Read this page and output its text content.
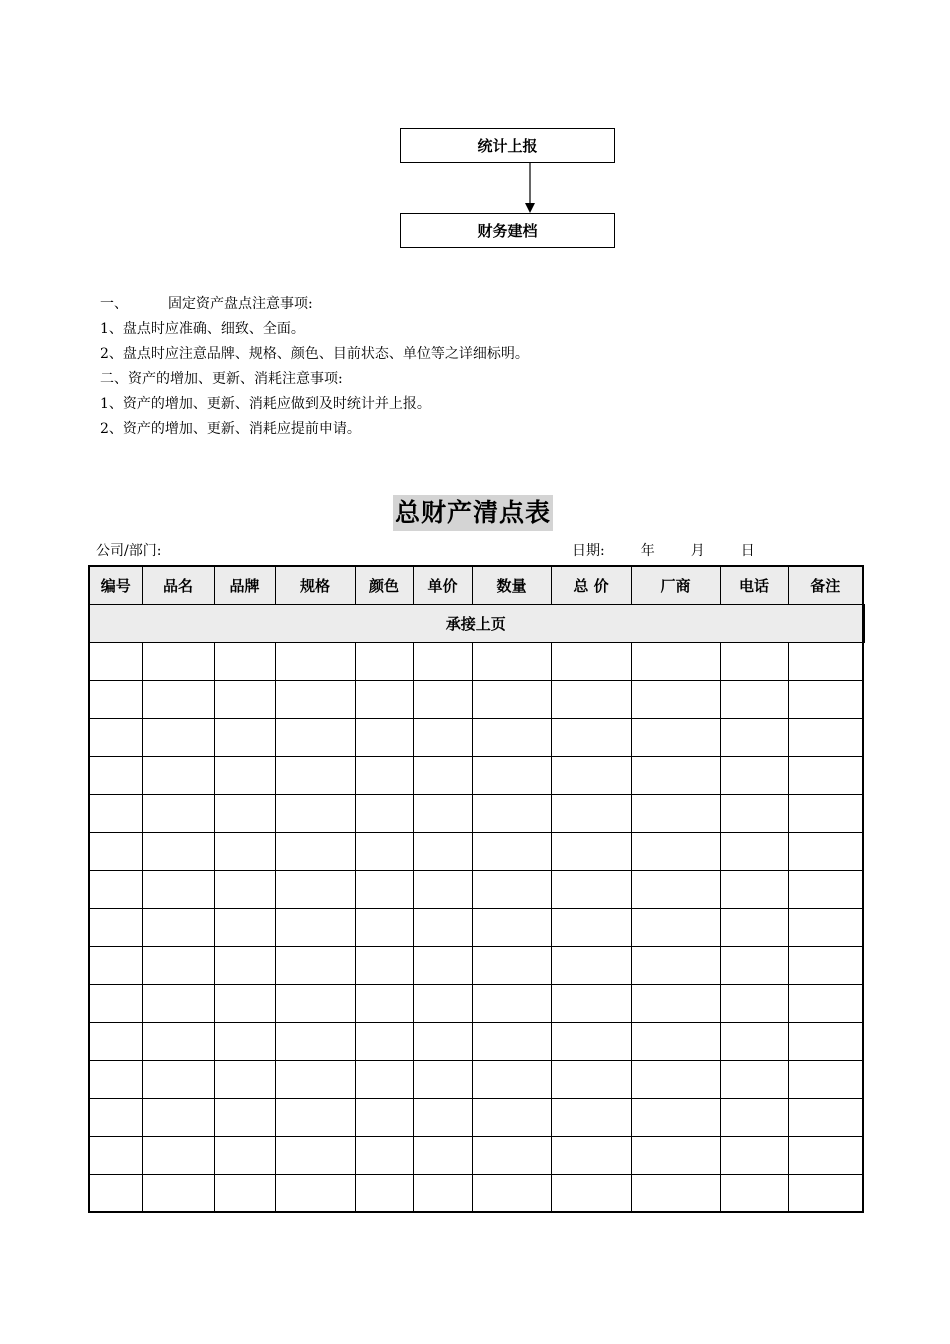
统计上报
财务建档
一、	固定资产盘点注意事项:
1、盘点时应准确、细致、全面。
2、盘点时应注意品牌、规格、颜色、目前状态、单位等之详细标明。
二、资产的增加、更新、消耗注意事项:
1、资产的增加、更新、消耗应做到及时统计并上报。
2、资产的增加、更新、消耗应提前申请。
总财产清点表
公司/部门:	日期:	年	月	日
编号	品名	品牌	规格	颜色	单价	数量	总 价	厂商	电话	备注
承接上页										
